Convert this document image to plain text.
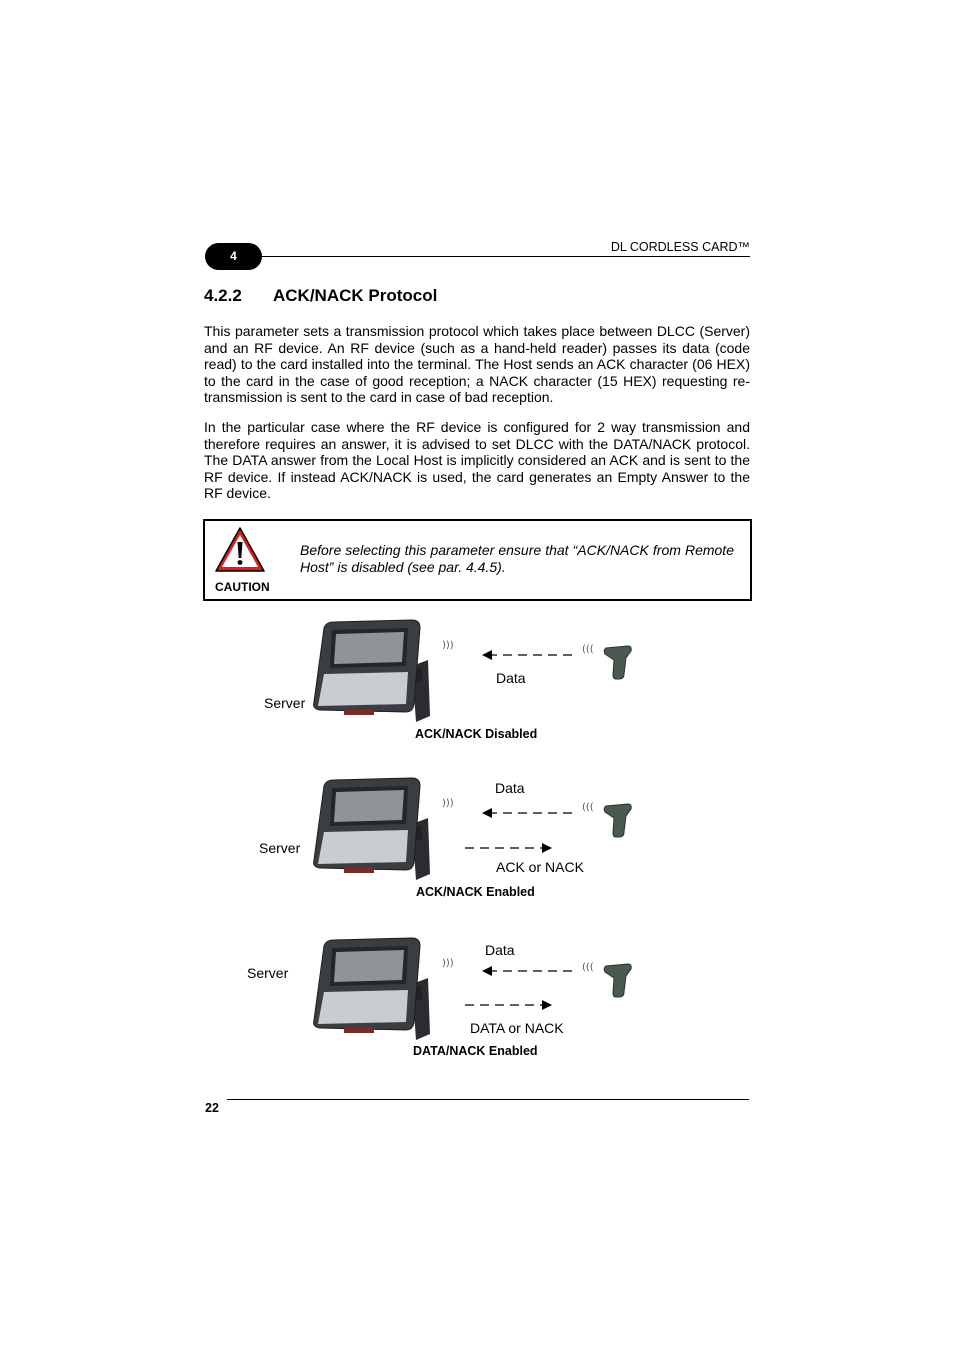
4
DL CORDLESS CARD™
4.2.2 ACK/NACK Protocol

This parameter sets a transmission protocol which takes place between DLCC (Server) and an RF device. An RF device (such as a hand-held reader) passes its data (code read) to the card installed into the terminal. The Host sends an ACK character (06 HEX) to the card in the case of good reception; a NACK character (15 HEX) requesting re-transmission is sent to the card in case of bad reception.

In the particular case where the RF device is configured for 2 way transmission and therefore requires an answer, it is advised to set DLCC with the DATA/NACK protocol. The DATA answer from the Local Host is implicitly considered an ACK and is sent to the RF device. If instead ACK/NACK is used, the card generates an Empty Answer to the RF device.

CAUTION

Before selecting this parameter ensure that “ACK/NACK from Remote Host” is disabled (see par. 4.4.5).

)))	(((
Server
Data
ACK/NACK Disabled
)))	(((
Server
Data
ACK or NACK
ACK/NACK Enabled
)))	(((
Server
Data
DATA or NACK
DATA/NACK Enabled
22
